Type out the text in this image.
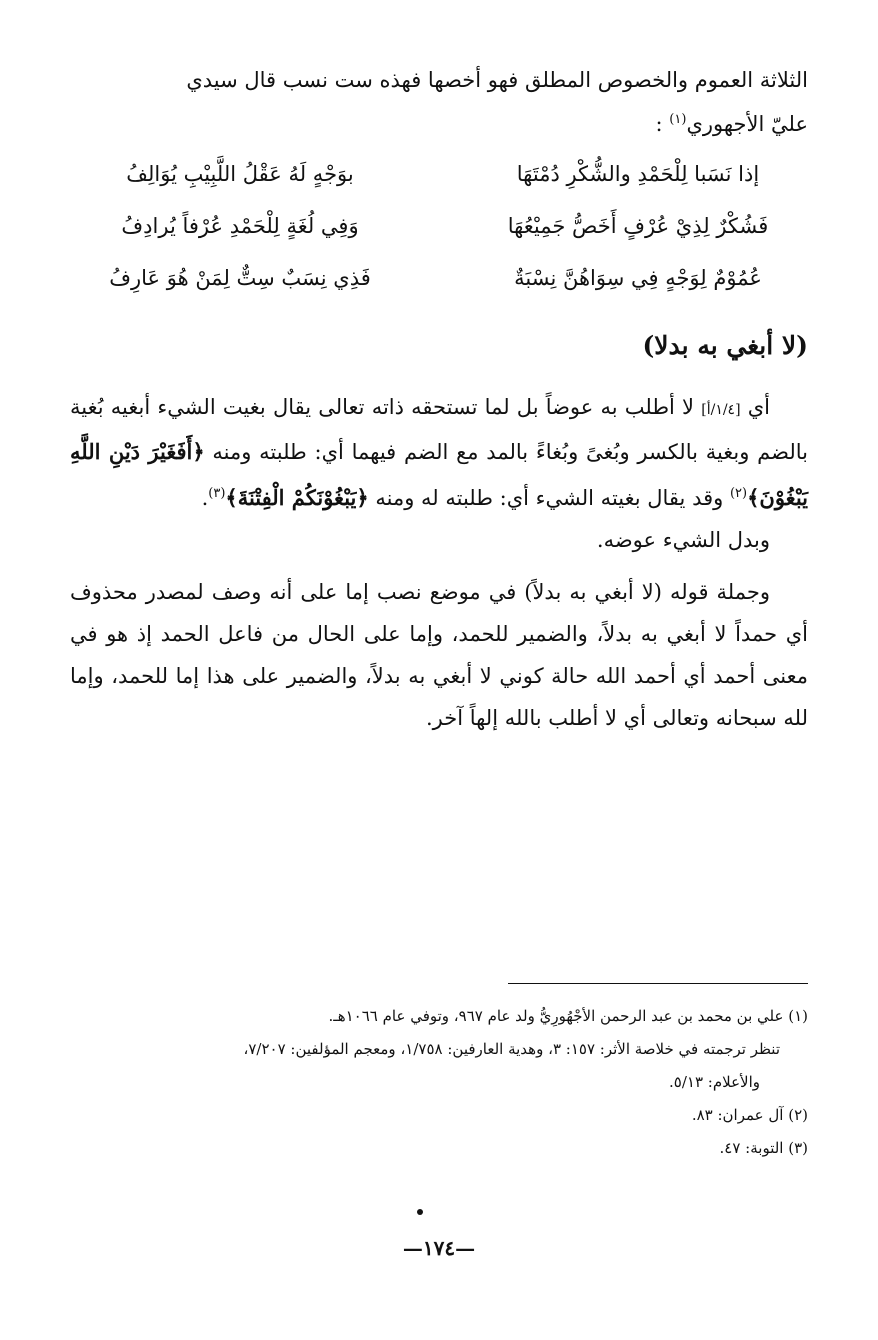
الثلاثة العموم والخصوص المطلق فهو أخصها فهذه ست نسب قال سيدي
عليّ الأجهوري$^{(١)}$ :

إذا نَسَبا لِلْحَمْدِ والشُّكْرِ دُمْتَهَا
بوَجْهٍ لَهُ عَقْلُ اللَّبِيْبِ يُوَالِفُ
فَشُكْرٌ لِذِيْ عُرْفٍ أَخَصُّ جَمِيْعُهَا
وَفِي لُغَةٍ لِلْحَمْدِ عُرْفاً يُرادِفُ
عُمُوْمٌ لِوَجْهٍ فِي سِوَاهُنَّ نِسْبَةٌ
فَذِي نِسَبٌ سِتٌّ لِمَنْ هُوَ عَارِفُ
(لا أبغي به بدلا)

أي [١/٤/أ] لا أطلب به عوضاً بل لما تستحقه ذاته تعالى يقال بغيت الشيء أبغيه بُغية بالضم وبغية بالكسر وبُغىً وبُغاءً بالمد مع الضم فيهما أي: طلبته ومنه ﴿أَفَغَيْرَ دَيْنِ اللَّهِ يَبْغُوْنَ﴾$^{(٢)}$ وقد يقال بغيته الشيء أي: طلبته له ومنه ﴿يَبْغُوْنَكُمْ الْفِتْنَةَ﴾$^{(٣)}$.

وبدل الشيء عوضه.

وجملة قوله (لا أبغي به بدلاً) في موضع نصب إما على أنه وصف لمصدر محذوف أي حمداً لا أبغي به بدلاً، والضمير للحمد، وإما على الحال من فاعل الحمد إذ هو في معنى أحمد أي أحمد الله حالة كوني لا أبغي به بدلاً، والضمير على هذا إما للحمد، وإما لله سبحانه وتعالى أي لا أطلب بالله إلهاً آخر.

(١) علي بن محمد بن عبد الرحمن الأجْهُورِيُّ ولد عام ٩٦٧، وتوفي عام ١٠٦٦هـ.
تنظر ترجمته في خلاصة الأثر: ١٥٧: ٣، وهدية العارفين: ١/٧٥٨، ومعجم المؤلفين: ٧/٢٠٧،
والأعلام: ٥/١٣.
(٢) آل عمران: ٨٣.
(٣) التوبة: ٤٧.
—١٧٤—
